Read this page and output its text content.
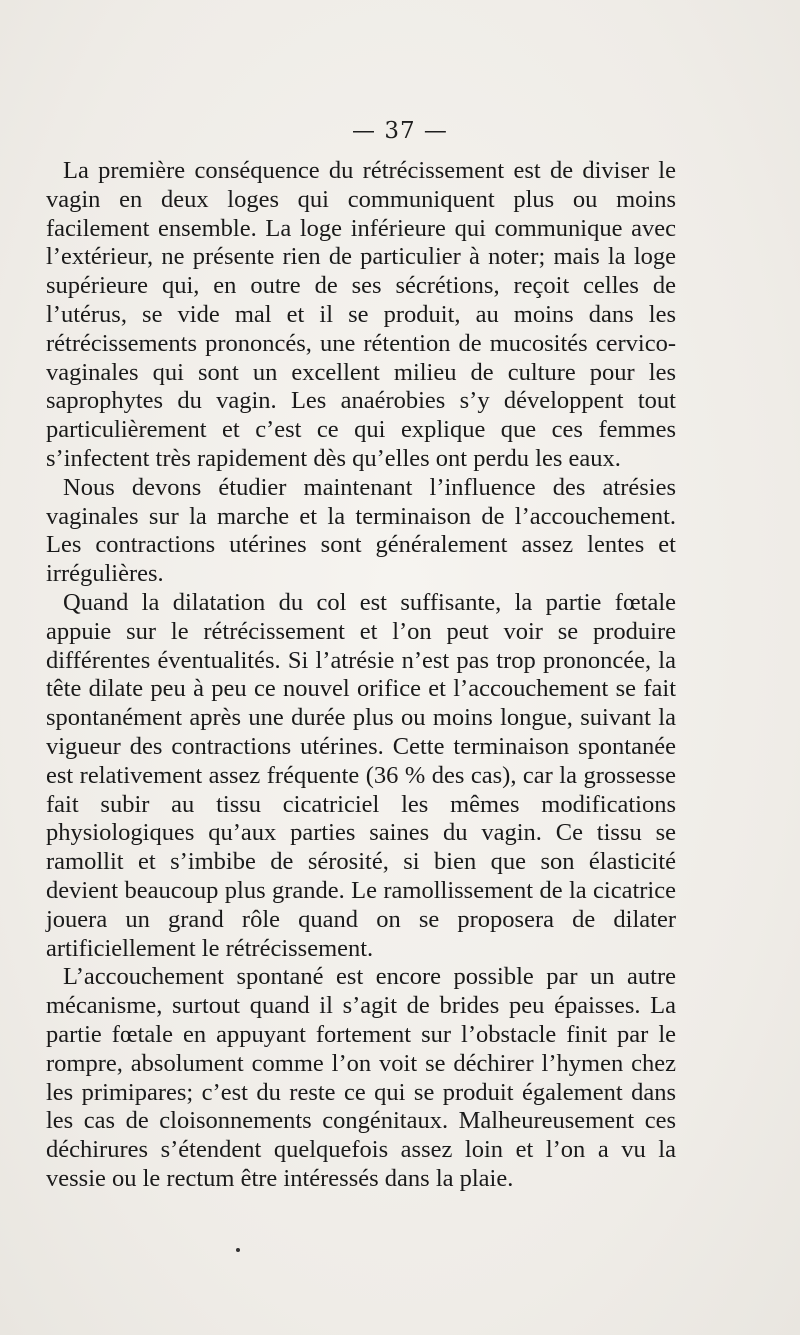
— 37 —

La première conséquence du rétrécissement est de diviser le vagin en deux loges qui communiquent plus ou moins facilement ensemble. La loge inférieure qui communique avec l’extérieur, ne présente rien de particulier à noter; mais la loge supérieure qui, en outre de ses sécrétions, reçoit celles de l’utérus, se vide mal et il se produit, au moins dans les rétrécissements prononcés, une rétention de mucosités cervico-vaginales qui sont un excellent milieu de culture pour les saprophytes du vagin. Les anaérobies s’y développent tout particulièrement et c’est ce qui explique que ces femmes s’infectent très rapidement dès qu’elles ont perdu les eaux.

Nous devons étudier maintenant l’influence des atrésies vaginales sur la marche et la terminaison de l’accouchement. Les contractions utérines sont généralement assez lentes et irrégulières.

Quand la dilatation du col est suffisante, la partie fœtale appuie sur le rétrécissement et l’on peut voir se produire différentes éventualités. Si l’atrésie n’est pas trop prononcée, la tête dilate peu à peu ce nouvel orifice et l’accouchement se fait spontanément après une durée plus ou moins longue, suivant la vigueur des contractions utérines. Cette terminaison spontanée est relativement assez fréquente (36 % des cas), car la grossesse fait subir au tissu cicatriciel les mêmes modifications physiologiques qu’aux parties saines du vagin. Ce tissu se ramollit et s’imbibe de sérosité, si bien que son élasticité devient beaucoup plus grande. Le ramollissement de la cicatrice jouera un grand rôle quand on se proposera de dilater artificiellement le rétrécissement.

L’accouchement spontané est encore possible par un autre mécanisme, surtout quand il s’agit de brides peu épaisses. La partie fœtale en appuyant fortement sur l’obstacle finit par le rompre, absolument comme l’on voit se déchirer l’hymen chez les primipares; c’est du reste ce qui se produit également dans les cas de cloisonnements congénitaux. Malheureusement ces déchirures s’étendent quelquefois assez loin et l’on a vu la vessie ou le rectum être intéressés dans la plaie.
